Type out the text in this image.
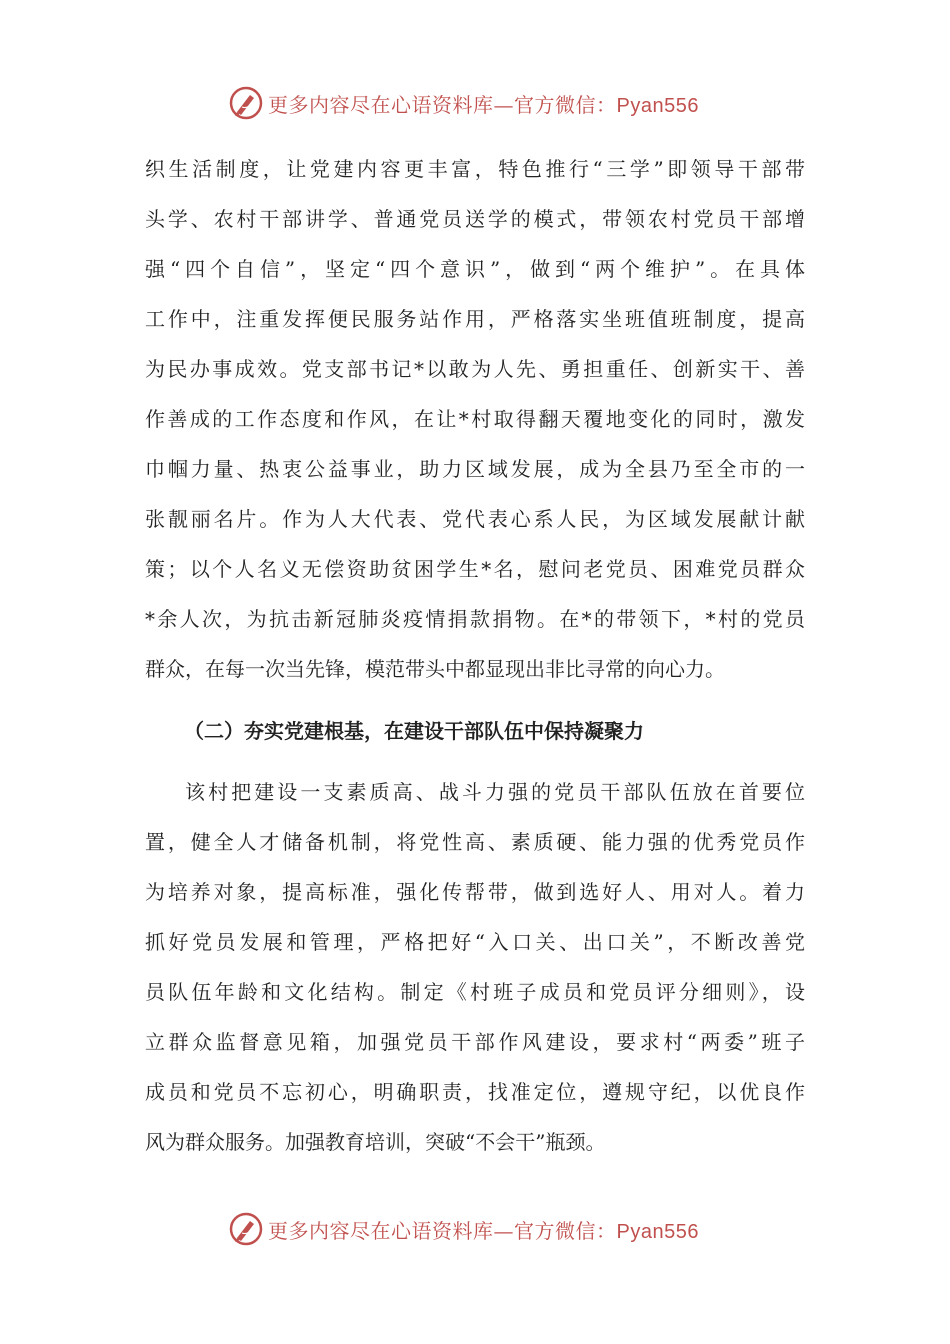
更多内容尽在心语资料库—官方微信：Pyan556
织生活制度，让党建内容更丰富，特色推行“三学”即领导干部带
头学、农村干部讲学、普通党员送学的模式，带领农村党员干部增
强“四个自信”，坚定“四个意识”，做到“两个维护”。在具体
工作中，注重发挥便民服务站作用，严格落实坐班值班制度，提高
为民办事成效。党支部书记*以敢为人先、勇担重任、创新实干、善
作善成的工作态度和作风，在让*村取得翻天覆地变化的同时，激发
巾帼力量、热衷公益事业，助力区域发展，成为全县乃至全市的一
张靓丽名片。作为人大代表、党代表心系人民，为区域发展献计献
策；以个人名义无偿资助贫困学生*名，慰问老党员、困难党员群众
*余人次，为抗击新冠肺炎疫情捐款捐物。在*的带领下，*村的党员
群众，在每一次当先锋，模范带头中都显现出非比寻常的向心力。
（二）夯实党建根基，在建设干部队伍中保持凝聚力
该村把建设一支素质高、战斗力强的党员干部队伍放在首要位
置，健全人才储备机制，将党性高、素质硬、能力强的优秀党员作
为培养对象，提高标准，强化传帮带，做到选好人、用对人。着力
抓好党员发展和管理，严格把好“入口关、出口关”，不断改善党
员队伍年龄和文化结构。制定《村班子成员和党员评分细则》，设
立群众监督意见箱，加强党员干部作风建设，要求村“两委”班子
成员和党员不忘初心，明确职责，找准定位，遵规守纪，以优良作
风为群众服务。加强教育培训，突破“不会干”瓶颈。
更多内容尽在心语资料库—官方微信：Pyan556
